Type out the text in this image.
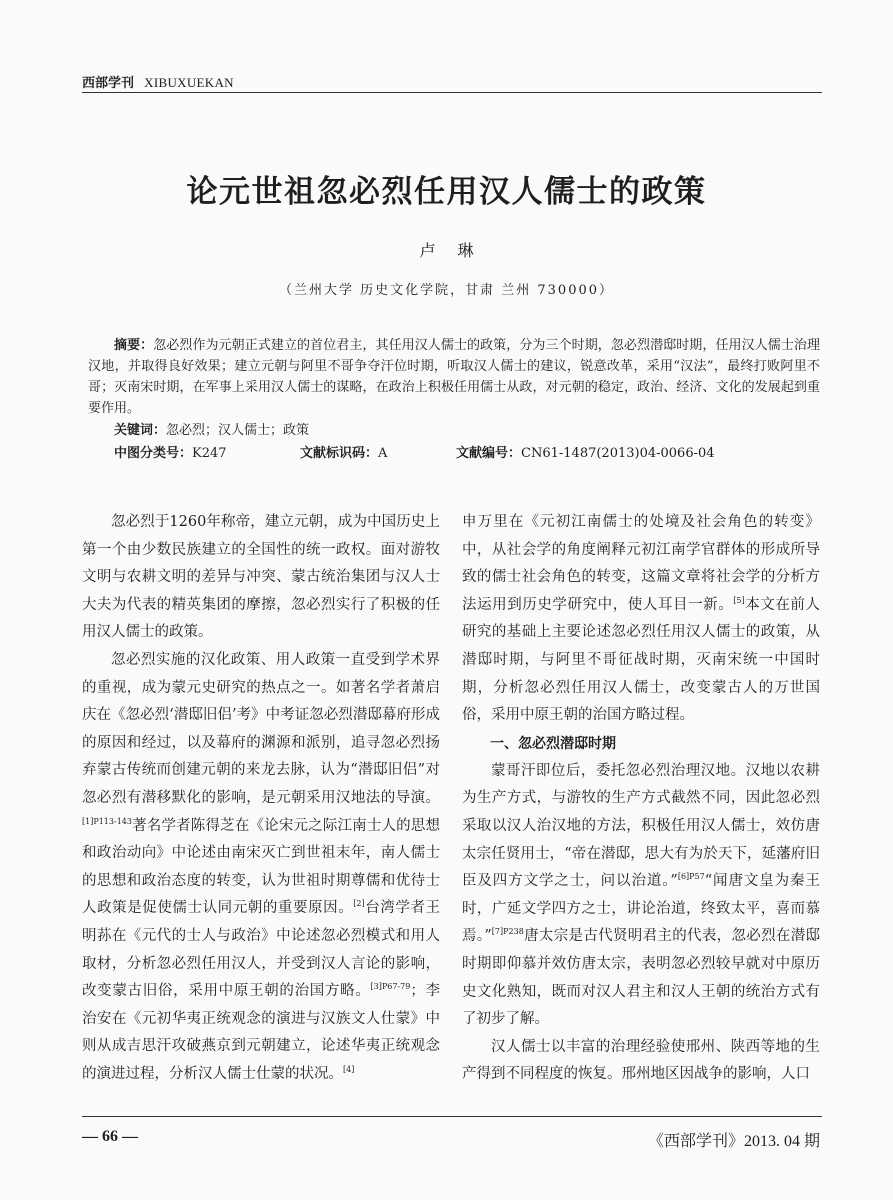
西部学刊 XIBUXUEKAN
论元世祖忽必烈任用汉人儒士的政策
卢琳
（兰州大学 历史文化学院，甘肃 兰州 730000）
摘要：忽必烈作为元朝正式建立的首位君主，其任用汉人儒士的政策，分为三个时期，忽必烈潜邸时期，任用汉人儒士治理汉地，并取得良好效果；建立元朝与阿里不哥争夺汗位时期，听取汉人儒士的建议，锐意改革，采用“汉法”，最终打败阿里不哥；灭南宋时期，在军事上采用汉人儒士的谋略，在政治上积极任用儒士从政，对元朝的稳定，政治、经济、文化的发展起到重要作用。
关键词：忽必烈；汉人儒士；政策
中图分类号：K247	文献标识码：A	文献编号：CN61-1487(2013)04-0066-04

忽必烈于1260年称帝，建立元朝，成为中国历史上第一个由少数民族建立的全国性的统一政权。面对游牧文明与农耕文明的差异与冲突、蒙古统治集团与汉人士大夫为代表的精英集团的摩擦，忽必烈实行了积极的任用汉人儒士的政策。

忽必烈实施的汉化政策、用人政策一直受到学术界的重视，成为蒙元史研究的热点之一。如著名学者萧启庆在《忽必烈‘潜邸旧侣’考》中考证忽必烈潜邸幕府形成的原因和经过，以及幕府的渊源和派别，追寻忽必烈扬弃蒙古传统而创建元朝的来龙去脉，认为“潜邸旧侣”对忽必烈有潜移默化的影响，是元朝采用汉地法的导演。$^{[1]P113-143}$著名学者陈得芝在《论宋元之际江南士人的思想和政治动向》中论述由南宋灭亡到世祖末年，南人儒士的思想和政治态度的转变，认为世祖时期尊儒和优待士人政策是促使儒士认同元朝的重要原因。[2]台湾学者王明荪在《元代的士人与政治》中论述忽必烈模式和用人取材，分析忽必烈任用汉人，并受到汉人言论的影响，改变蒙古旧俗，采用中原王朝的治国方略。$^{[3]P67-79}$；李治安在《元初华夷正统观念的演进与汉族文人仕蒙》中则从成吉思汗攻破燕京到元朝建立，论述华夷正统观念的演进过程，分析汉人儒士仕蒙的状况。[4]

申万里在《元初江南儒士的处境及社会角色的转变》中，从社会学的角度阐释元初江南学官群体的形成所导致的儒士社会角色的转变，这篇文章将社会学的分析方法运用到历史学研究中，使人耳目一新。[5]本文在前人研究的基础上主要论述忽必烈任用汉人儒士的政策，从潜邸时期，与阿里不哥征战时期，灭南宋统一中国时期，分析忽必烈任用汉人儒士，改变蒙古人的万世国俗，采用中原王朝的治国方略过程。

一、忽必烈潜邸时期

蒙哥汗即位后，委托忽必烈治理汉地。汉地以农耕为生产方式，与游牧的生产方式截然不同，因此忽必烈采取以汉人治汉地的方法，积极任用汉人儒士，效仿唐太宗任贤用士，“帝在潜邸，思大有为於天下，延藩府旧臣及四方文学之士，问以治道。”$^{[6]P57}$“闻唐文皇为秦王时，广延文学四方之士，讲论治道，终致太平，喜而慕焉。”$^{[7]P238}$唐太宗是古代贤明君主的代表，忽必烈在潜邸时期即仰慕并效仿唐太宗，表明忽必烈较早就对中原历史文化熟知，既而对汉人君主和汉人王朝的统治方式有了初步了解。

汉人儒士以丰富的治理经验使邢州、陕西等地的生产得到不同程度的恢复。邢州地区因战争的影响，人口

— 66 —	《西部学刊》2013. 04 期
